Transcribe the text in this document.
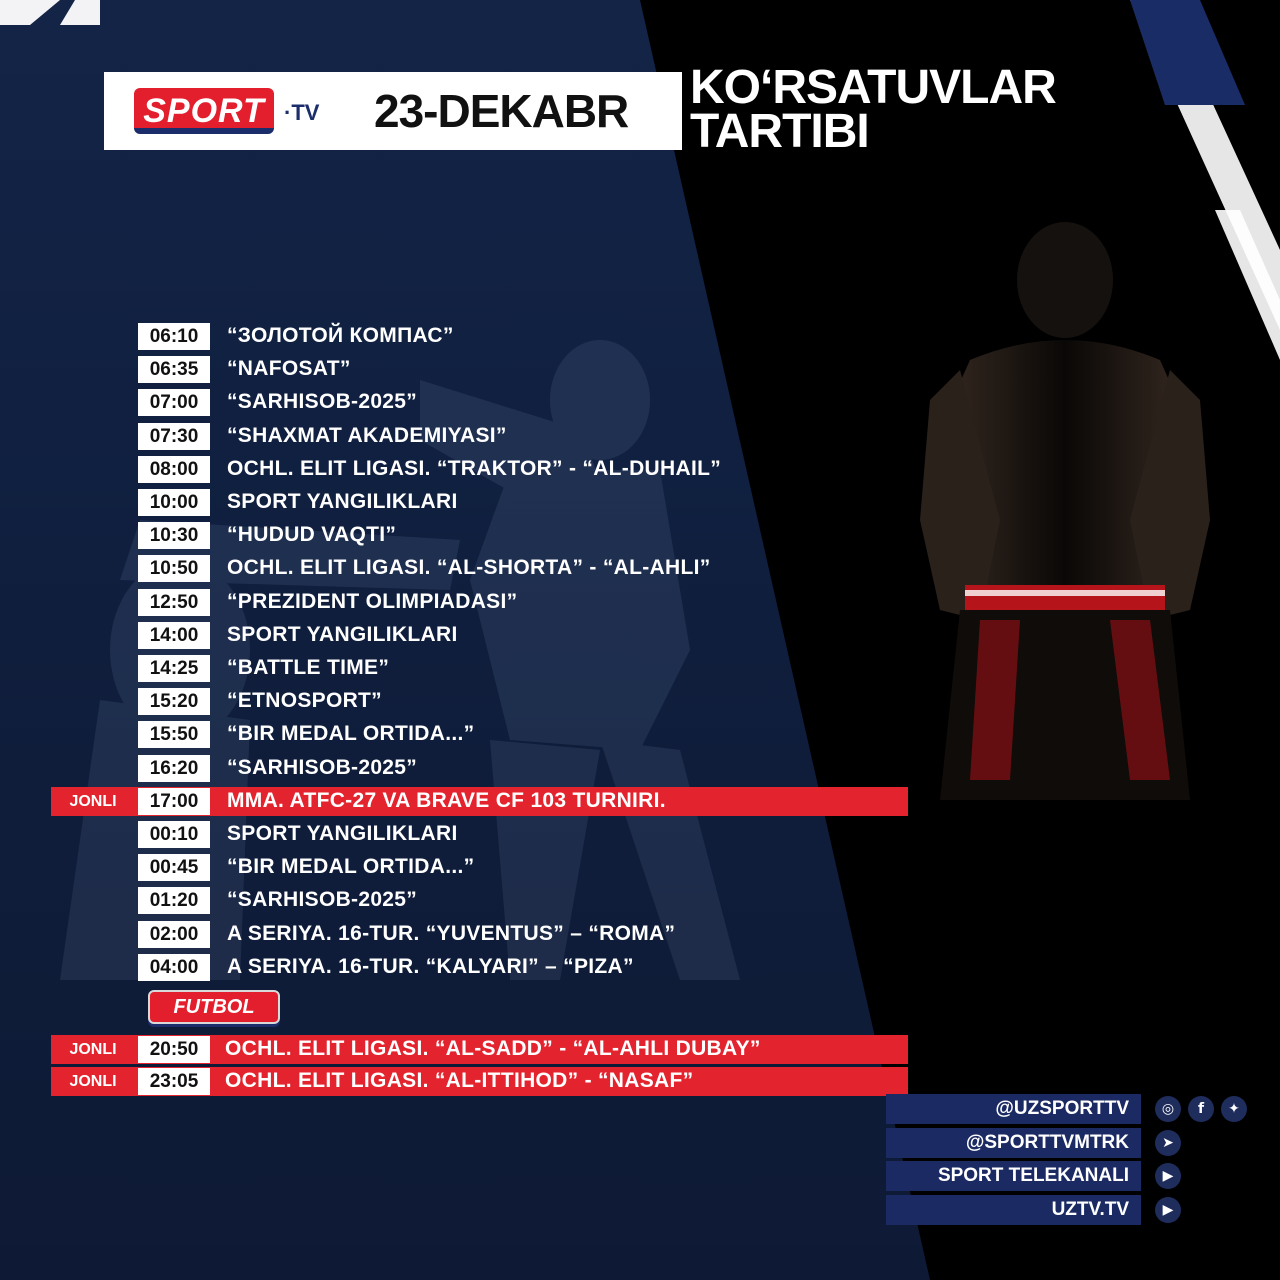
SPORT ·TV 23-DEKABR KO‘RSATUVLAR
TARTIBI
06:10	“ЗОЛОТОЙ КОМПАС”
06:35	“NAFOSAT”
07:00	“SARHISOB-2025”
07:30	“SHAXMAT AKADEMIYASI”
08:00	OCHL. ELIT LIGASI. “TRAKTOR” - “AL-DUHAIL”
10:00	SPORT YANGILIKLARI
10:30	“HUDUD VAQTI”
10:50	OCHL. ELIT LIGASI. “AL-SHORTA” - “AL-AHLI”
12:50	“PREZIDENT OLIMPIADASI”
14:00	SPORT YANGILIKLARI
14:25	“BATTLE TIME”
15:20	“ETNOSPORT”
15:50	“BIR MEDAL ORTIDA...”
16:20	“SARHISOB-2025”
JONLI	17:00	MMA. ATFC-27 VA BRAVE CF 103 TURNIRI.
00:10	SPORT YANGILIKLARI
00:45	“BIR MEDAL ORTIDA...”
01:20	“SARHISOB-2025”
02:00	A SERIYA. 16-TUR. “YUVENTUS” – “ROMA”
04:00	A SERIYA. 16-TUR. “KALYARI” – “PIZA”
FUTBOL
JONLI	20:50	OCHL. ELIT LIGASI. “AL-SADD” - “AL-AHLI DUBAY”
JONLI	23:05	OCHL. ELIT LIGASI. “AL-ITTIHOD” - “NASAF”
@UZSPORTTV	◎	f	✦
@SPORTTVMTRK	➤
SPORT TELEKANALI	▶
UZTV.TV	▶
